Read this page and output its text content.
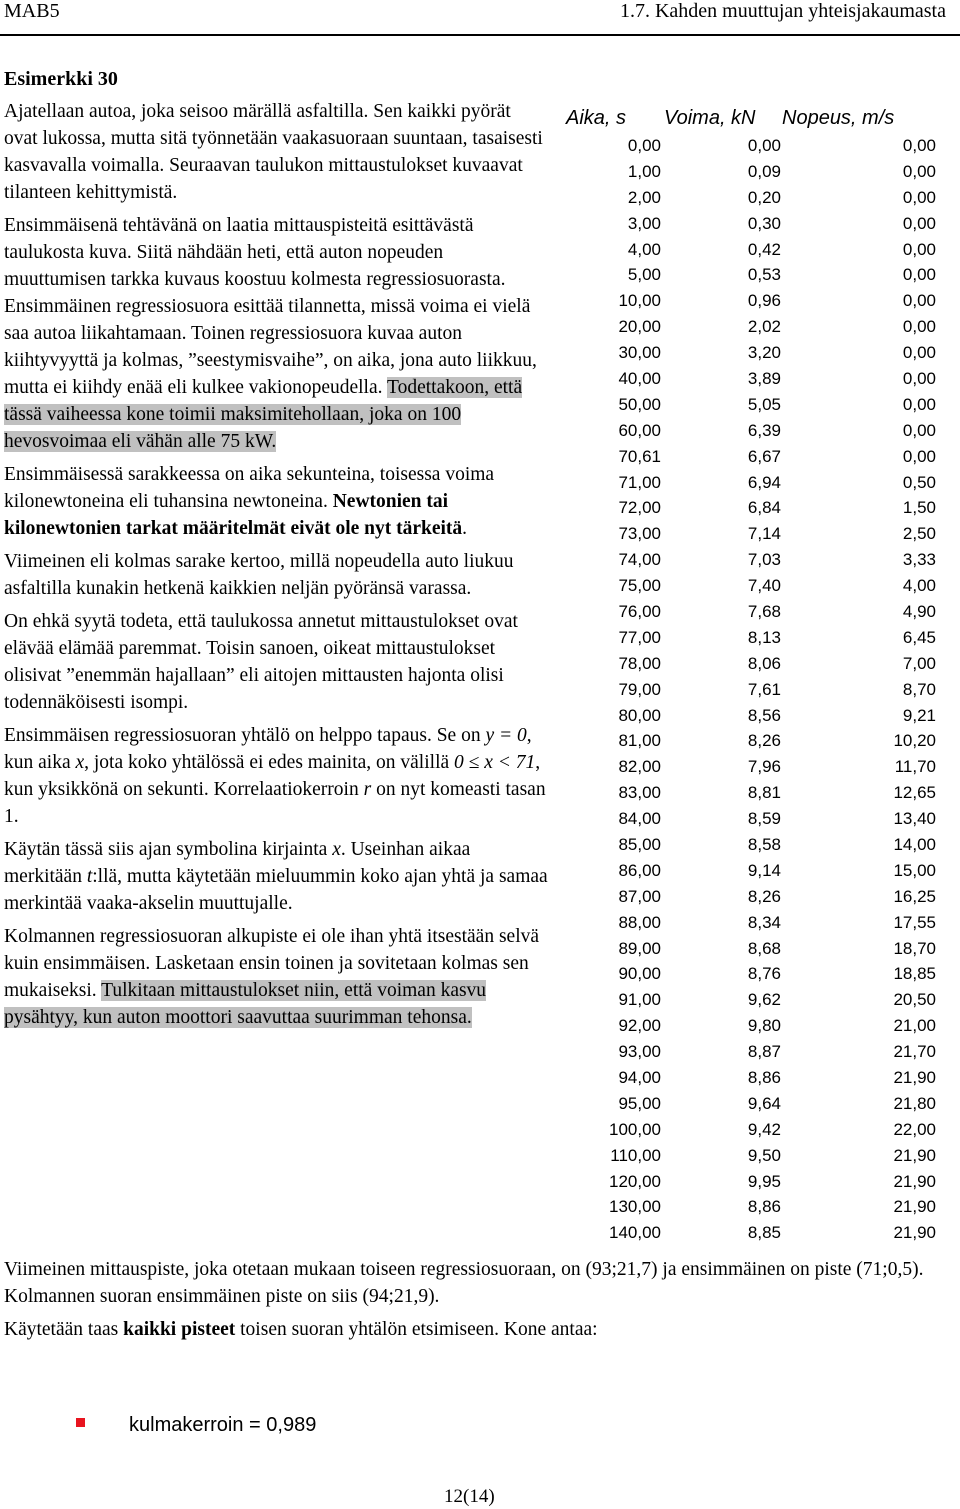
MAB5	1.7. Kahden muuttujan yhteisjakaumasta
Esimerkki 30

Ajatellaan autoa, joka seisoo märällä asfaltilla. Sen kaikki pyörät ovat lukossa, mutta sitä työnnetään vaakasuoraan suuntaan, tasaisesti kasvavalla voimalla. Seuraavan taulukon mittaustulokset kuvaavat tilanteen kehittymistä.

Ensimmäisenä tehtävänä on laatia mittauspisteitä esittävästä taulukosta kuva. Siitä nähdään heti, että auton nopeuden muuttumisen tarkka kuvaus koostuu kolmesta regressiosuorasta. Ensimmäinen regressiosuora esittää tilannetta, missä voima ei vielä saa autoa liikahtamaan. Toinen regressiosuora kuvaa auton kiihtyvyyttä ja kolmas, ”seestymisvaihe”, on aika, jona auto liikkuu, mutta ei kiihdy enää eli kulkee vakionopeudella. Todettakoon, että tässä vaiheessa kone toimii maksimitehollaan, joka on 100 hevosvoimaa eli vähän alle 75 kW.

Ensimmäisessä sarakkeessa on aika sekunteina, toisessa voima kilonewtoneina eli tuhansina newtoneina. Newtonien tai kilonewtonien tarkat määritelmät eivät ole nyt tärkeitä.

Viimeinen eli kolmas sarake kertoo, millä nopeudella auto liukuu asfaltilla kunakin hetkenä kaikkien neljän pyöränsä varassa.

On ehkä syytä todeta, että taulukossa annetut mittaustulokset ovat elävää elämää paremmat. Toisin sanoen, oikeat mittaustulokset olisivat ”enemmän hajallaan” eli aitojen mittausten hajonta olisi todennäköisesti isompi.

Ensimmäisen regressiosuoran yhtälö on helppo tapaus. Se on y = 0, kun aika x, jota koko yhtälössä ei edes mainita, on välillä 0 ≤ x < 71, kun yksikkönä on sekunti. Korrelaatiokerroin r on nyt komeasti tasan 1.

Käytän tässä siis ajan symbolina kirjainta x. Useinhan aikaa merkitään t:llä, mutta käytetään mieluummin koko ajan yhtä ja samaa merkintää vaaka-akselin muuttujalle.

Kolmannen regressiosuoran alkupiste ei ole ihan yhtä itsestään selvä kuin ensimmäisen. Lasketaan ensin toinen ja sovitetaan kolmas sen mukaiseksi. Tulkitaan mittaustulokset niin, että voiman kasvu pysähtyy, kun auton moottori saavuttaa suurimman tehonsa.

Viimeinen mittauspiste, joka otetaan mukaan toiseen regressiosuoraan, on (93;21,7) ja ensimmäinen on piste (71;0,5). Kolmannen suoran ensimmäinen piste on siis (94;21,9).

Käytetään taas kaikki pisteet toisen suoran yhtälön etsimiseen. Kone antaa:

Aika, s	Voima, kN	Nopeus, m/s
0,00	0,00	0,00
1,00	0,09	0,00
2,00	0,20	0,00
3,00	0,30	0,00
4,00	0,42	0,00
5,00	0,53	0,00
10,00	0,96	0,00
20,00	2,02	0,00
30,00	3,20	0,00
40,00	3,89	0,00
50,00	5,05	0,00
60,00	6,39	0,00
70,61	6,67	0,00
71,00	6,94	0,50
72,00	6,84	1,50
73,00	7,14	2,50
74,00	7,03	3,33
75,00	7,40	4,00
76,00	7,68	4,90
77,00	8,13	6,45
78,00	8,06	7,00
79,00	7,61	8,70
80,00	8,56	9,21
81,00	8,26	10,20
82,00	7,96	11,70
83,00	8,81	12,65
84,00	8,59	13,40
85,00	8,58	14,00
86,00	9,14	15,00
87,00	8,26	16,25
88,00	8,34	17,55
89,00	8,68	18,70
90,00	8,76	18,85
91,00	9,62	20,50
92,00	9,80	21,00
93,00	8,87	21,70
94,00	8,86	21,90
95,00	9,64	21,80
100,00	9,42	22,00
110,00	9,50	21,90
120,00	9,95	21,90
130,00	8,86	21,90
140,00	8,85	21,90
kulmakerroin = 0,989
12(14)
